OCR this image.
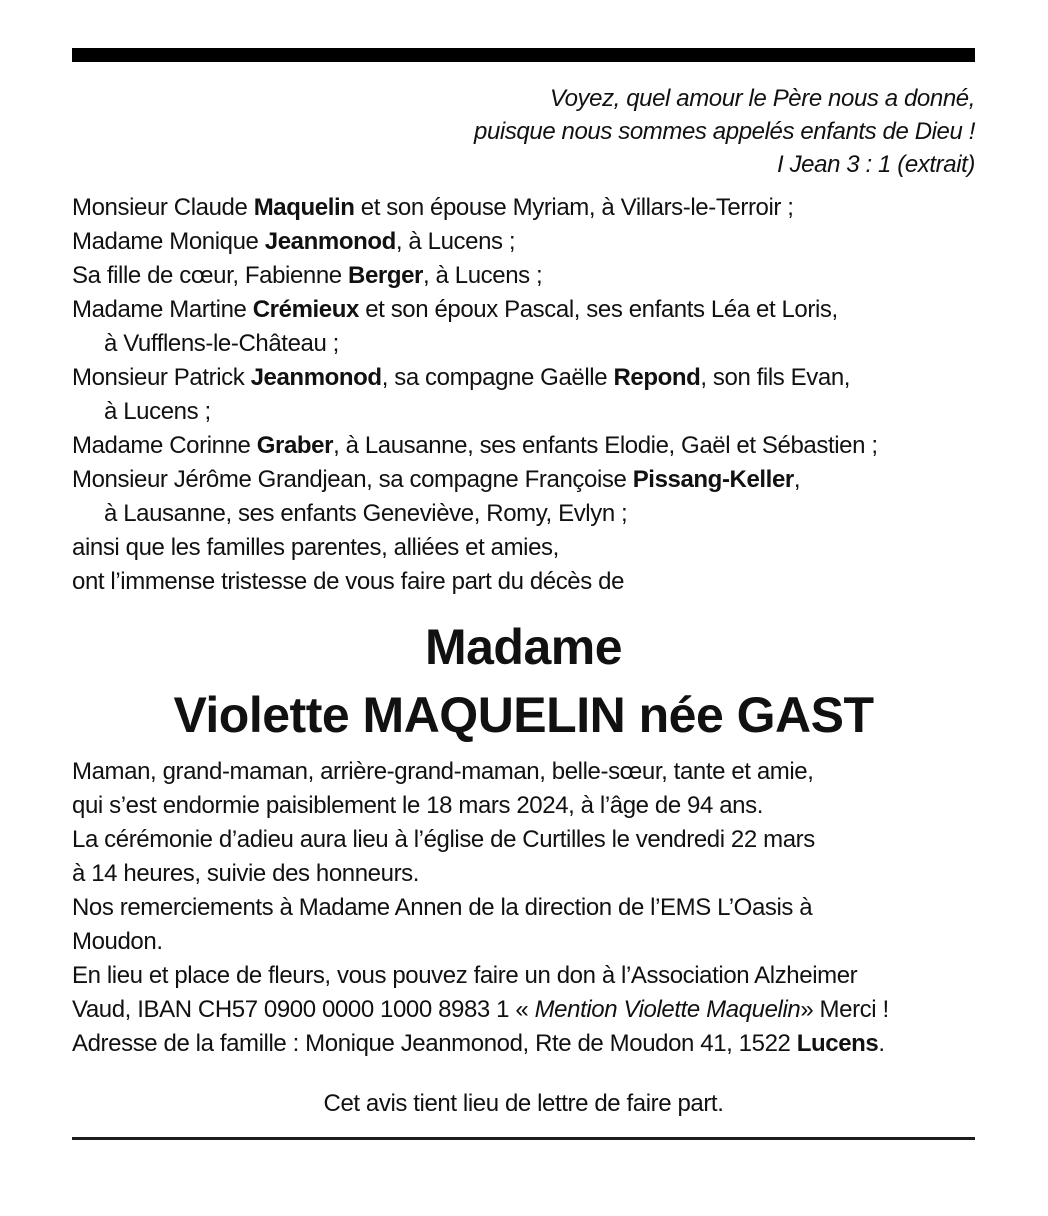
Voyez, quel amour le Père nous a donné,
puisque nous sommes appelés enfants de Dieu !
I Jean 3 : 1 (extrait)
Monsieur Claude Maquelin et son épouse Myriam, à Villars-le-Terroir ;
Madame Monique Jeanmonod, à Lucens ;
Sa fille de cœur, Fabienne Berger, à Lucens ;
Madame Martine Crémieux et son époux Pascal, ses enfants Léa et Loris,
à Vufflens-le-Château ;
Monsieur Patrick Jeanmonod, sa compagne Gaëlle Repond, son fils Evan,
à Lucens ;
Madame Corinne Graber, à Lausanne, ses enfants Elodie, Gaël et Sébastien ;
Monsieur Jérôme Grandjean, sa compagne Françoise Pissang-Keller,
à Lausanne, ses enfants Geneviève, Romy, Evlyn ;
ainsi que les familles parentes, alliées et amies,
ont l’immense tristesse de vous faire part du décès de
Madame
Violette MAQUELIN née GAST
Maman, grand-maman, arrière-grand-maman, belle-sœur, tante et amie,
qui s’est endormie paisiblement le 18 mars 2024, à l’âge de 94 ans.
La cérémonie d’adieu aura lieu à l’église de Curtilles le vendredi 22 mars
à 14 heures, suivie des honneurs.
Nos remerciements à Madame Annen de la direction de l’EMS L’Oasis à
Moudon.
En lieu et place de fleurs, vous pouvez faire un don à l’Association Alzheimer
Vaud, IBAN CH57 0900 0000 1000 8983 1 « Mention Violette Maquelin» Merci !
Adresse de la famille : Monique Jeanmonod, Rte de Moudon 41, 1522 Lucens.
Cet avis tient lieu de lettre de faire part.
